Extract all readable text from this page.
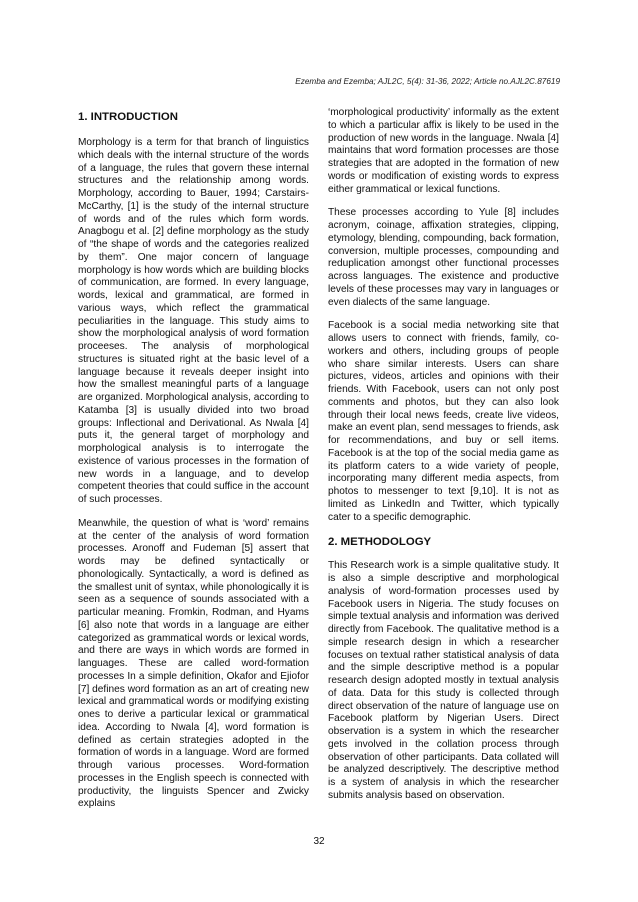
Ezemba and Ezemba; AJL2C, 5(4): 31-36, 2022; Article no.AJL2C.87619
1. INTRODUCTION

Morphology is a term for that branch of linguistics which deals with the internal structure of the words of a language, the rules that govern these internal structures and the relationship among words. Morphology, according to Bauer, 1994; Carstairs-McCarthy, [1] is the study of the internal structure of words and of the rules which form words. Anagbogu et al. [2] define morphology as the study of “the shape of words and the categories realized by them”. One major concern of language morphology is how words which are building blocks of communication, are formed. In every language, words, lexical and grammatical, are formed in various ways, which reflect the grammatical peculiarities in the language. This study aims to show the morphological analysis of word formation proceeses. The analysis of morphological structures is situated right at the basic level of a language because it reveals deeper insight into how the smallest meaningful parts of a language are organized. Morphological analysis, according to Katamba [3] is usually divided into two broad groups: Inflectional and Derivational. As Nwala [4] puts it, the general target of morphology and morphological analysis is to interrogate the existence of various processes in the formation of new words in a language, and to develop competent theories that could suffice in the account of such processes.

Meanwhile, the question of what is ‘word’ remains at the center of the analysis of word formation processes. Aronoff and Fudeman [5] assert that words may be defined syntactically or phonologically. Syntactically, a word is defined as the smallest unit of syntax, while phonologically it is seen as a sequence of sounds associated with a particular meaning. Fromkin, Rodman, and Hyams [6] also note that words in a language are either categorized as grammatical words or lexical words, and there are ways in which words are formed in languages. These are called word-formation processes In a simple definition, Okafor and Ejiofor [7] defines word formation as an art of creating new lexical and grammatical words or modifying existing ones to derive a particular lexical or grammatical idea. According to Nwala [4], word formation is defined as certain strategies adopted in the formation of words in a language. Word are formed through various processes. Word-formation processes in the English speech is connected with productivity, the linguists Spencer and Zwicky explains

‘morphological productivity’ informally as the extent to which a particular affix is likely to be used in the production of new words in the language. Nwala [4] maintains that word formation processes are those strategies that are adopted in the formation of new words or modification of existing words to express either grammatical or lexical functions.

These processes according to Yule [8] includes acronym, coinage, affixation strategies, clipping, etymology, blending, compounding, back formation, conversion, multiple processes, compounding and reduplication amongst other functional processes across languages. The existence and productive levels of these processes may vary in languages or even dialects of the same language.

Facebook is a social media networking site that allows users to connect with friends, family, co-workers and others, including groups of people who share similar interests. Users can share pictures, videos, articles and opinions with their friends. With Facebook, users can not only post comments and photos, but they can also look through their local news feeds, create live videos, make an event plan, send messages to friends, ask for recommendations, and buy or sell items. Facebook is at the top of the social media game as its platform caters to a wide variety of people, incorporating many different media aspects, from photos to messenger to text [9,10]. It is not as limited as LinkedIn and Twitter, which typically cater to a specific demographic.

2. METHODOLOGY

This Research work is a simple qualitative study. It is also a simple descriptive and morphological analysis of word-formation processes used by Facebook users in Nigeria. The study focuses on simple textual analysis and information was derived directly from Facebook. The qualitative method is a simple research design in which a researcher focuses on textual rather statistical analysis of data and the simple descriptive method is a popular research design adopted mostly in textual analysis of data. Data for this study is collected through direct observation of the nature of language use on Facebook platform by Nigerian Users. Direct observation is a system in which the researcher gets involved in the collation process through observation of other participants. Data collated will be analyzed descriptively. The descriptive method is a system of analysis in which the researcher submits analysis based on observation.

32
